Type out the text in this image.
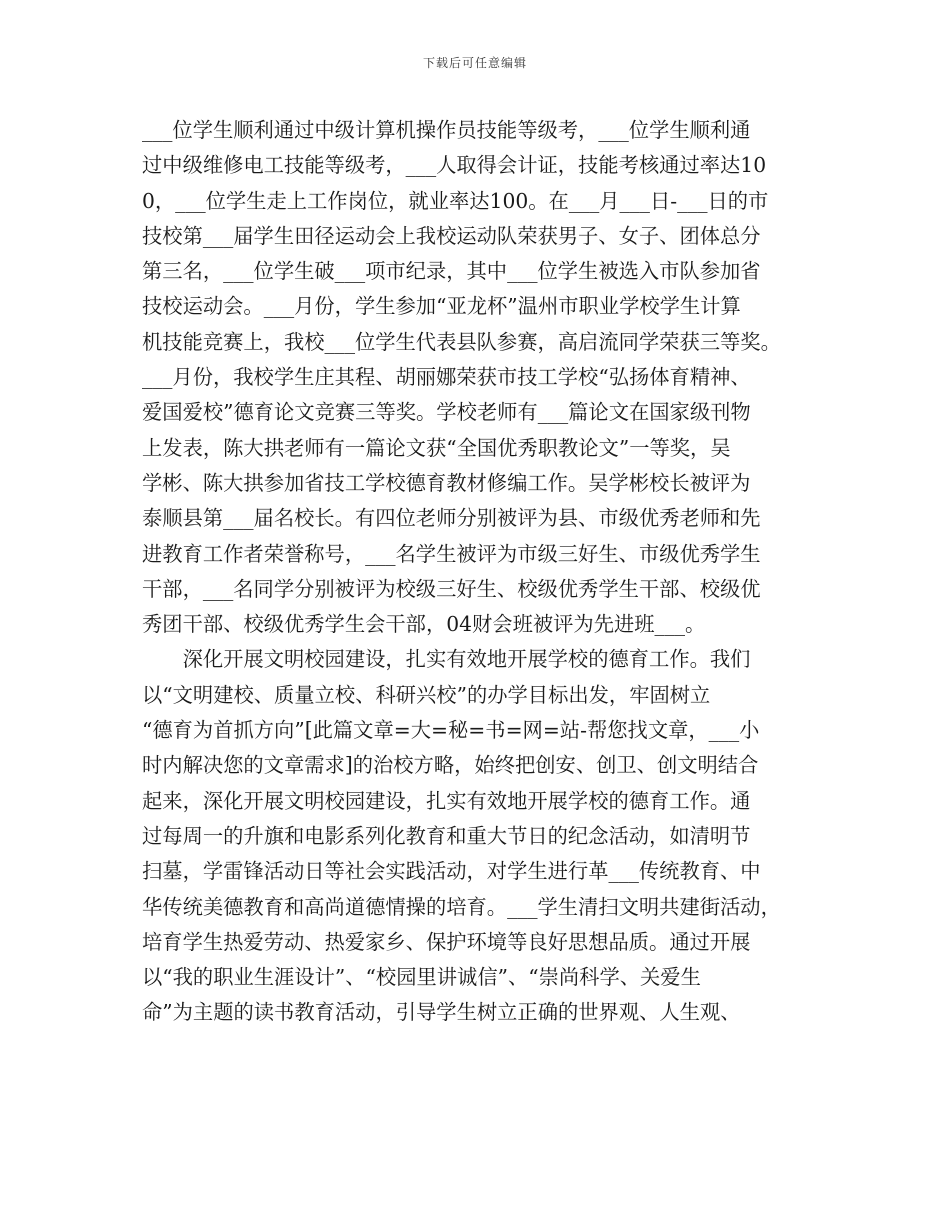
下载后可任意编辑
___位学生顺利通过中级计算机操作员技能等级考，___位学生顺利通
过中级维修电工技能等级考，___人取得会计证，技能考核通过率达10
0，___位学生走上工作岗位，就业率达100。在___月___日-___日的市
技校第___届学生田径运动会上我校运动队荣获男子、女子、团体总分
第三名，___位学生破___项市纪录，其中___位学生被选入市队参加省
技校运动会。___月份，学生参加“亚龙杯”温州市职业学校学生计算
机技能竞赛上，我校___位学生代表县队参赛，高启流同学荣获三等奖。
___月份，我校学生庄其程、胡丽娜荣获市技工学校“弘扬体育精神、
爱国爱校”德育论文竞赛三等奖。学校老师有___篇论文在国家级刊物
上发表，陈大拱老师有一篇论文获“全国优秀职教论文”一等奖，吴
学彬、陈大拱参加省技工学校德育教材修编工作。吴学彬校长被评为
泰顺县第___届名校长。有四位老师分别被评为县、市级优秀老师和先
进教育工作者荣誉称号，___名学生被评为市级三好生、市级优秀学生
干部，___名同学分别被评为校级三好生、校级优秀学生干部、校级优
秀团干部、校级优秀学生会干部，04财会班被评为先进班___。
　　深化开展文明校园建设，扎实有效地开展学校的德育工作。我们
以“文明建校、质量立校、科研兴校”的办学目标出发，牢固树立
“德育为首抓方向”[此篇文章=大=秘=书=网=站-帮您找文章，___小
时内解决您的文章需求]的治校方略，始终把创安、创卫、创文明结合
起来，深化开展文明校园建设，扎实有效地开展学校的德育工作。通
过每周一的升旗和电影系列化教育和重大节日的纪念活动，如清明节
扫墓，学雷锋活动日等社会实践活动，对学生进行革___传统教育、中
华传统美德教育和高尚道德情操的培育。___学生清扫文明共建街活动，
培育学生热爱劳动、热爱家乡、保护环境等良好思想品质。通过开展
以“我的职业生涯设计”、“校园里讲诚信”、“崇尚科学、关爱生
命”为主题的读书教育活动，引导学生树立正确的世界观、人生观、
